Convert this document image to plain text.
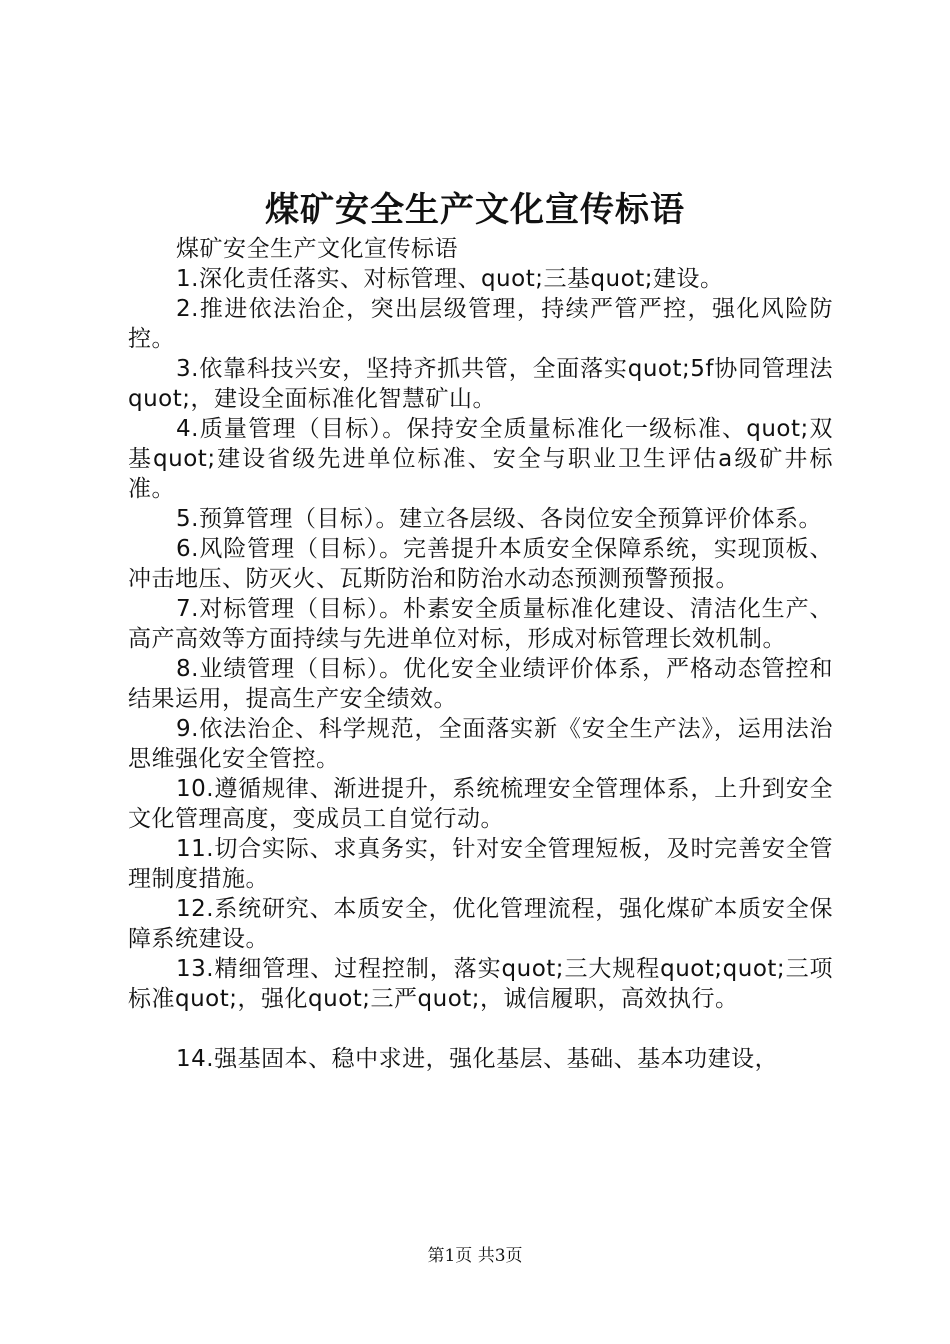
煤矿安全生产文化宣传标语

煤矿安全生产文化宣传标语

1.深化责任落实、对标管理、quot;三基quot;建设。

2.推进依法治企，突出层级管理，持续严管严控，强化风险防控。

3.依靠科技兴安，坚持齐抓共管，全面落实quot;5f协同管理法quot;，建设全面标准化智慧矿山。

4.质量管理（目标）。保持安全质量标准化一级标准、quot;双基quot;建设省级先进单位标准、安全与职业卫生评估a级矿井标准。

5.预算管理（目标）。建立各层级、各岗位安全预算评价体系。

6.风险管理（目标）。完善提升本质安全保障系统，实现顶板、冲击地压、防灭火、瓦斯防治和防治水动态预测预警预报。

7.对标管理（目标）。朴素安全质量标准化建设、清洁化生产、高产高效等方面持续与先进单位对标，形成对标管理长效机制。

8.业绩管理（目标）。优化安全业绩评价体系，严格动态管控和结果运用，提高生产安全绩效。

9.依法治企、科学规范，全面落实新《安全生产法》，运用法治思维强化安全管控。

10.遵循规律、渐进提升，系统梳理安全管理体系，上升到安全文化管理高度，变成员工自觉行动。

11.切合实际、求真务实，针对安全管理短板，及时完善安全管理制度措施。

12.系统研究、本质安全，优化管理流程，强化煤矿本质安全保障系统建设。

13.精细管理、过程控制，落实quot;三大规程quot;quot;三项标准quot;，强化quot;三严quot;，诚信履职，高效执行。

14.强基固本、稳中求进，强化基层、基础、基本功建设，

第1页 共3页
